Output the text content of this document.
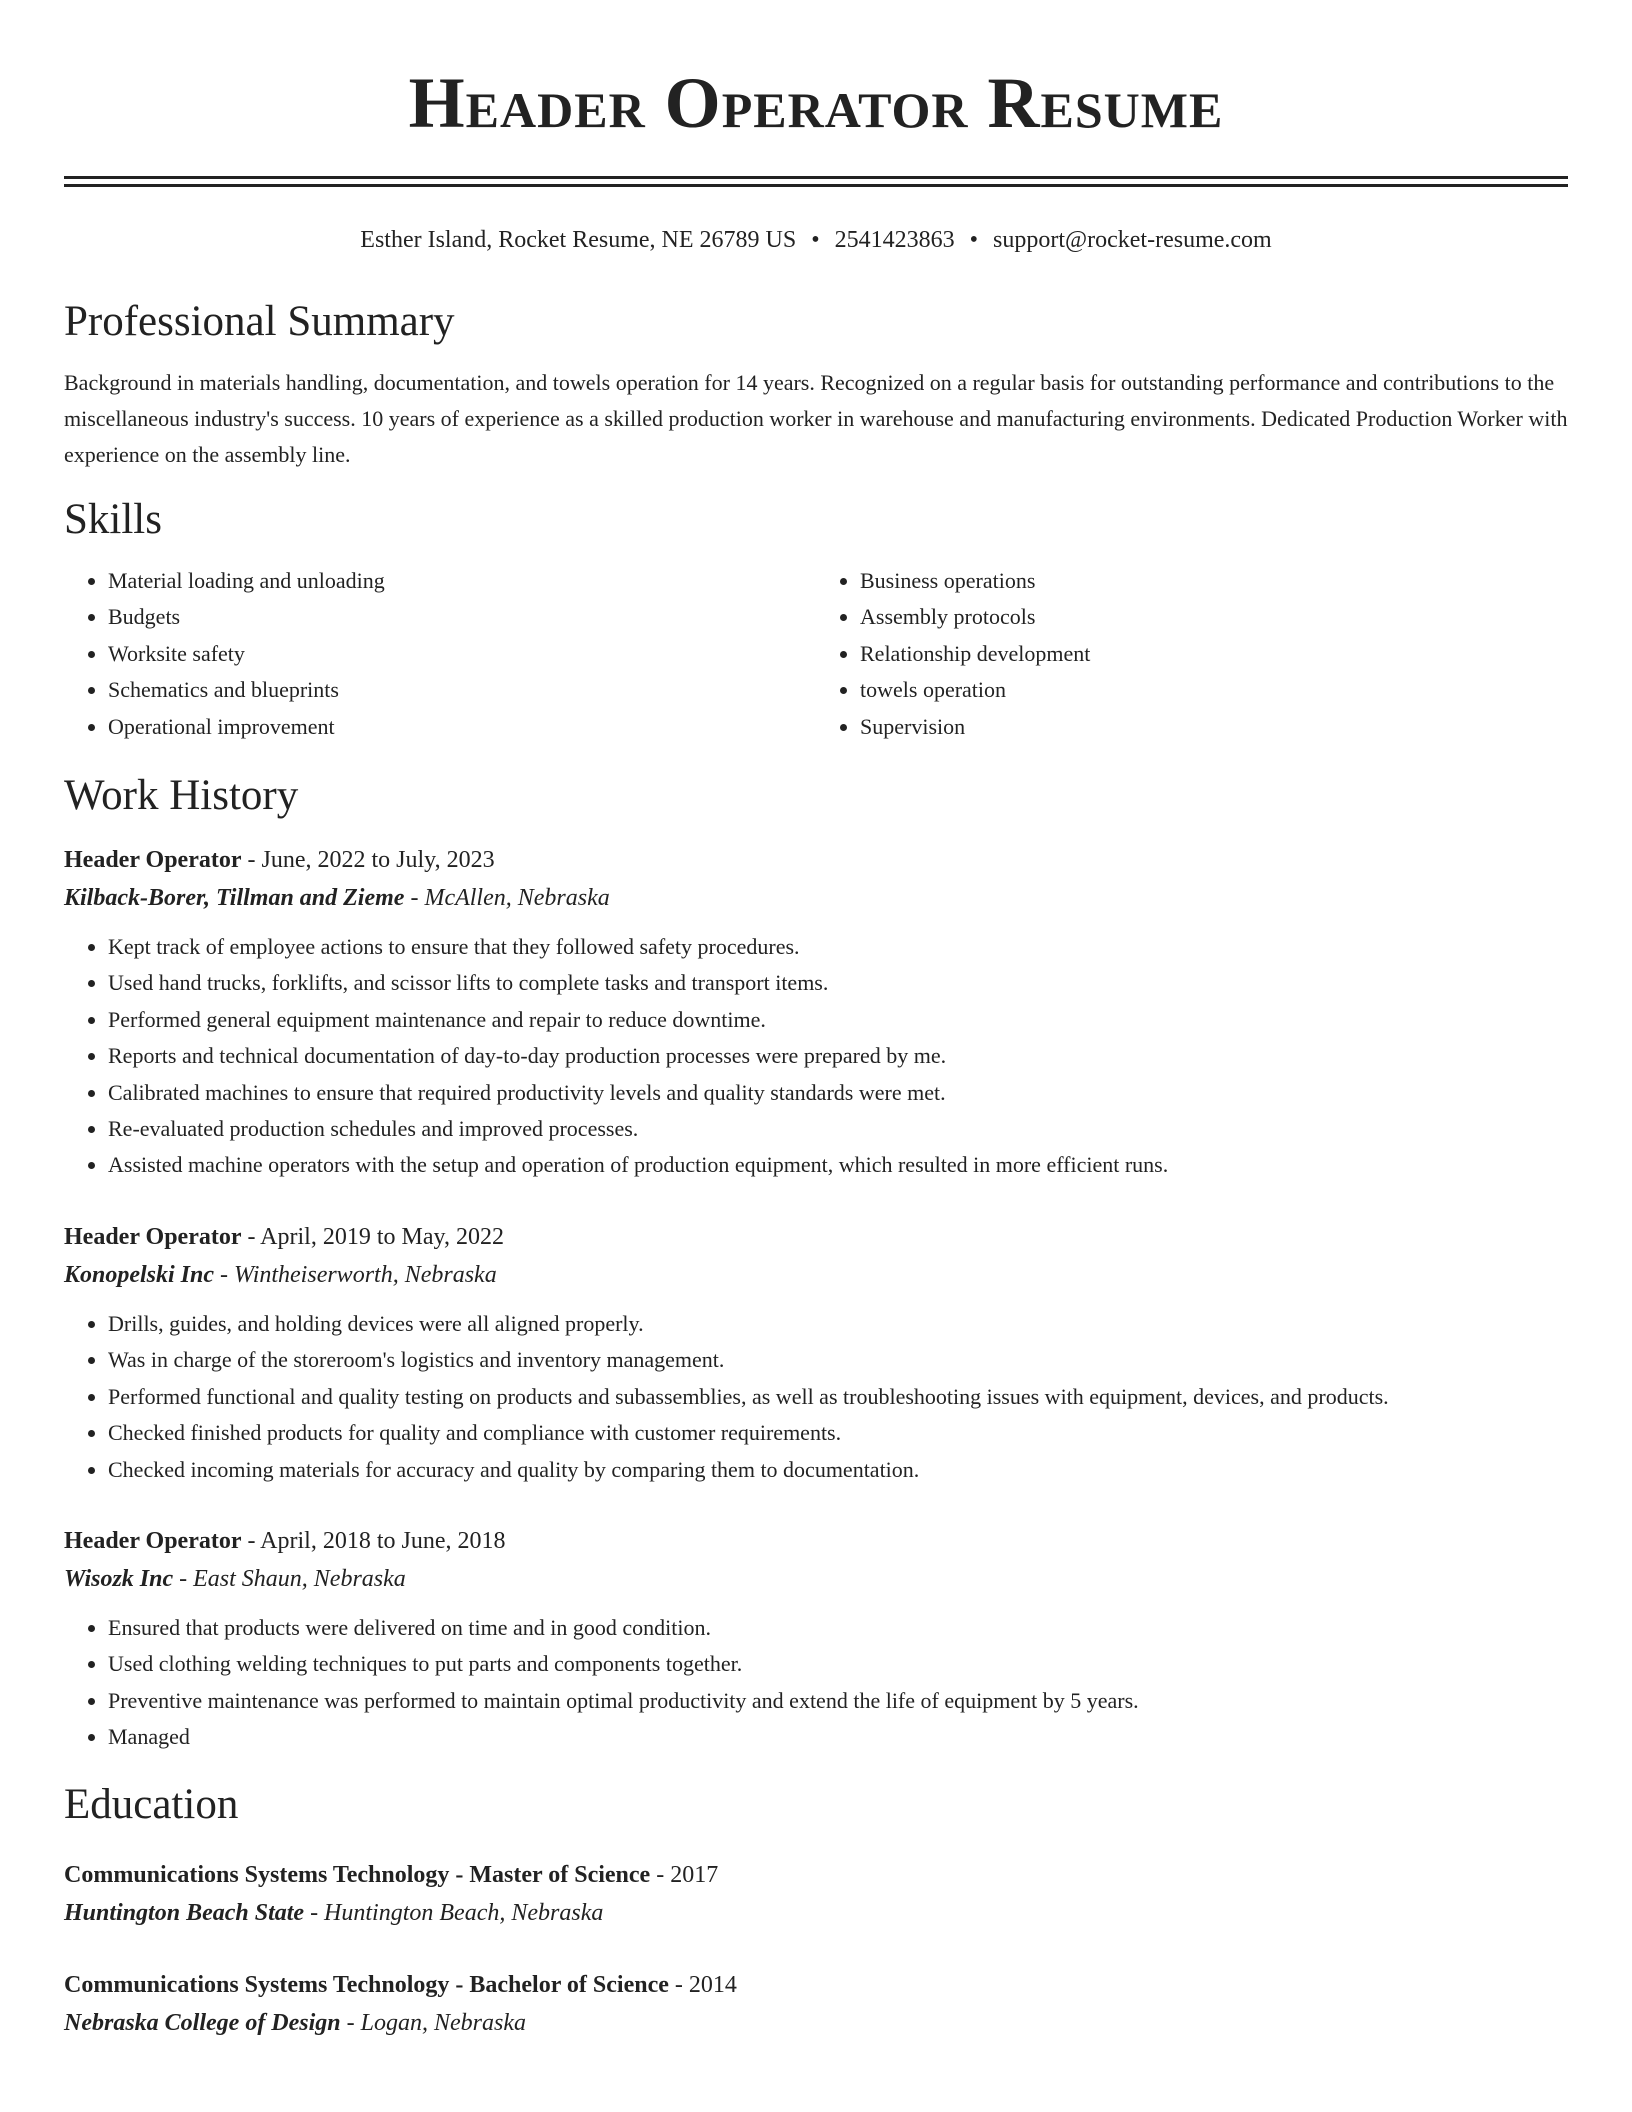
Header Operator Resume
Esther Island, Rocket Resume, NE 26789 US • 2541423863 • support@rocket-resume.com
Professional Summary

Background in materials handling, documentation, and towels operation for 14 years. Recognized on a regular basis for outstanding performance and contributions to the miscellaneous industry's success. 10 years of experience as a skilled production worker in warehouse and manufacturing environments. Dedicated Production Worker with experience on the assembly line.

Skills
• Material loading and unloading
• Budgets
• Worksite safety
• Schematics and blueprints
• Operational improvement
• Business operations
• Assembly protocols
• Relationship development
• towels operation
• Supervision
Work History
Header Operator - June, 2022 to July, 2023
Kilback-Borer, Tillman and Zieme - McAllen, Nebraska
• Kept track of employee actions to ensure that they followed safety procedures.
• Used hand trucks, forklifts, and scissor lifts to complete tasks and transport items.
• Performed general equipment maintenance and repair to reduce downtime.
• Reports and technical documentation of day-to-day production processes were prepared by me.
• Calibrated machines to ensure that required productivity levels and quality standards were met.
• Re-evaluated production schedules and improved processes.
• Assisted machine operators with the setup and operation of production equipment, which resulted in more efficient runs.
Header Operator - April, 2019 to May, 2022
Konopelski Inc - Wintheiserworth, Nebraska
• Drills, guides, and holding devices were all aligned properly.
• Was in charge of the storeroom's logistics and inventory management.
• Performed functional and quality testing on products and subassemblies, as well as troubleshooting issues with equipment, devices, and products.
• Checked finished products for quality and compliance with customer requirements.
• Checked incoming materials for accuracy and quality by comparing them to documentation.
Header Operator - April, 2018 to June, 2018
Wisozk Inc - East Shaun, Nebraska
• Ensured that products were delivered on time and in good condition.
• Used clothing welding techniques to put parts and components together.
• Preventive maintenance was performed to maintain optimal productivity and extend the life of equipment by 5 years.
• Managed
Education
Communications Systems Technology - Master of Science - 2017
Huntington Beach State - Huntington Beach, Nebraska
Communications Systems Technology - Bachelor of Science - 2014
Nebraska College of Design - Logan, Nebraska
